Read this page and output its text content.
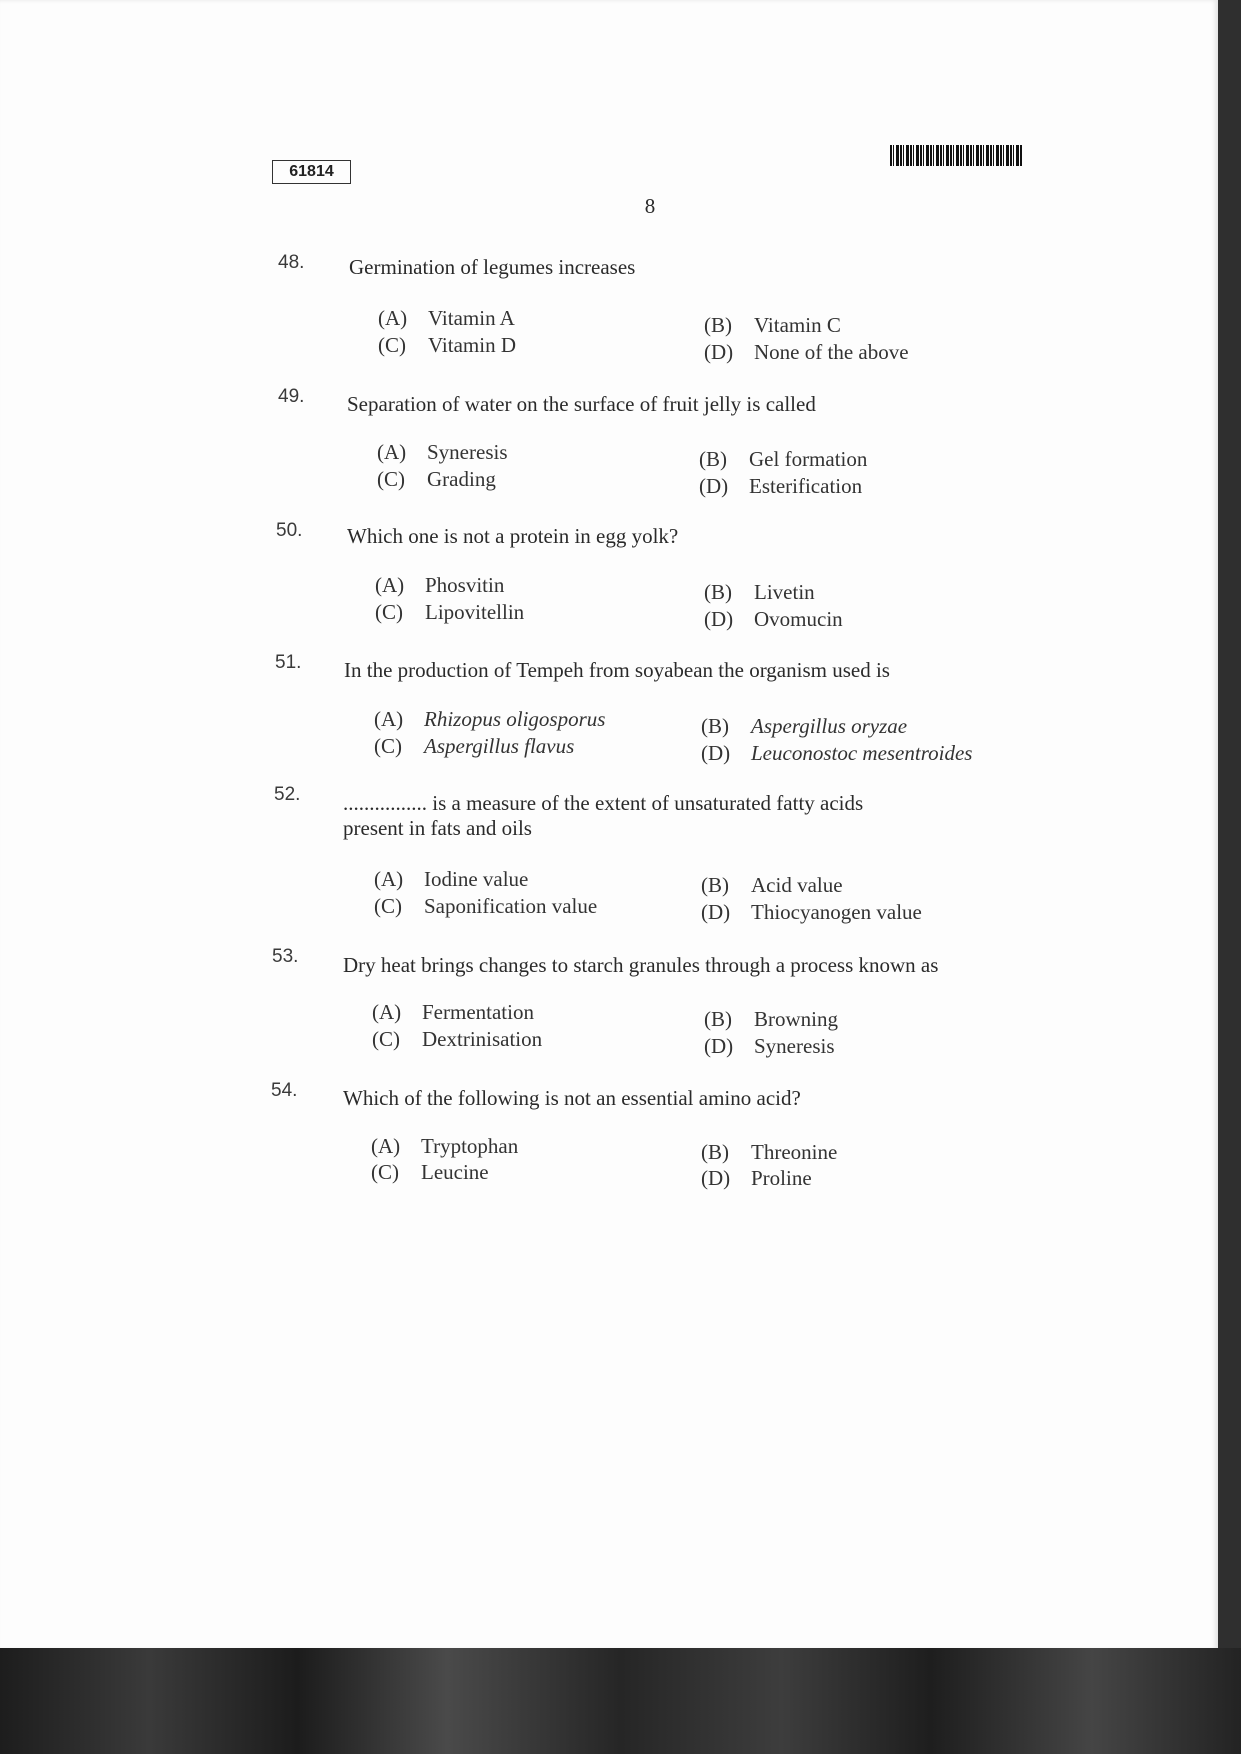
61814
8
48. Germination of legumes increases
(A) Vitamin A
(C) Vitamin D
(B) Vitamin C
(D) None of the above
49. Separation of water on the surface of fruit jelly is called
(A) Syneresis
(C) Grading
(B) Gel formation
(D) Esterification
50. Which one is not a protein in egg yolk?
(A) Phosvitin
(C) Lipovitellin
(B) Livetin
(D) Ovomucin
51. In the production of Tempeh from soyabean the organism used is
(A) Rhizopus oligosporus
(C) Aspergillus flavus
(B) Aspergillus oryzae
(D) Leuconostoc mesentroides
52. ................ is a measure of the extent of unsaturated fatty acids
present in fats and oils
(A) Iodine value
(C) Saponification value
(B) Acid value
(D) Thiocyanogen value
53. Dry heat brings changes to starch granules through a process known as
(A) Fermentation
(C) Dextrinisation
(B) Browning
(D) Syneresis
54. Which of the following is not an essential amino acid?
(A) Tryptophan
(C) Leucine
(B) Threonine
(D) Proline
